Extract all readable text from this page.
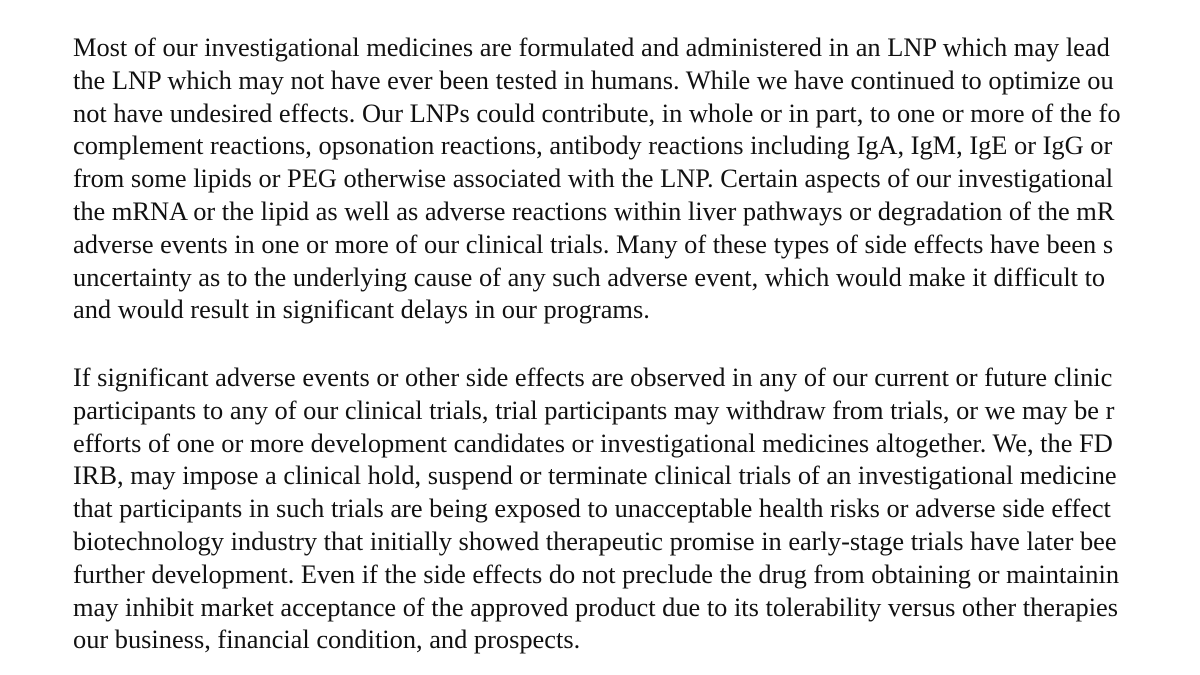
Most of our investigational medicines are formulated and administered in an LNP which may lead
the LNP which may not have ever been tested in humans. While we have continued to optimize ou
not have undesired effects. Our LNPs could contribute, in whole or in part, to one or more of the fo
complement reactions, opsonation reactions, antibody reactions including IgA, IgM, IgE or IgG or
from some lipids or PEG otherwise associated with the LNP. Certain aspects of our investigational
the mRNA or the lipid as well as adverse reactions within liver pathways or degradation of the mR
adverse events in one or more of our clinical trials. Many of these types of side effects have been s
uncertainty as to the underlying cause of any such adverse event, which would make it difficult to
and would result in significant delays in our programs.

If significant adverse events or other side effects are observed in any of our current or future clinic
participants to any of our clinical trials, trial participants may withdraw from trials, or we may be r
efforts of one or more development candidates or investigational medicines altogether. We, the FD
IRB, may impose a clinical hold, suspend or terminate clinical trials of an investigational medicine
that participants in such trials are being exposed to unacceptable health risks or adverse side effect
biotechnology industry that initially showed therapeutic promise in early-stage trials have later bee
further development. Even if the side effects do not preclude the drug from obtaining or maintainin
may inhibit market acceptance of the approved product due to its tolerability versus other therapies
our business, financial condition, and prospects.
